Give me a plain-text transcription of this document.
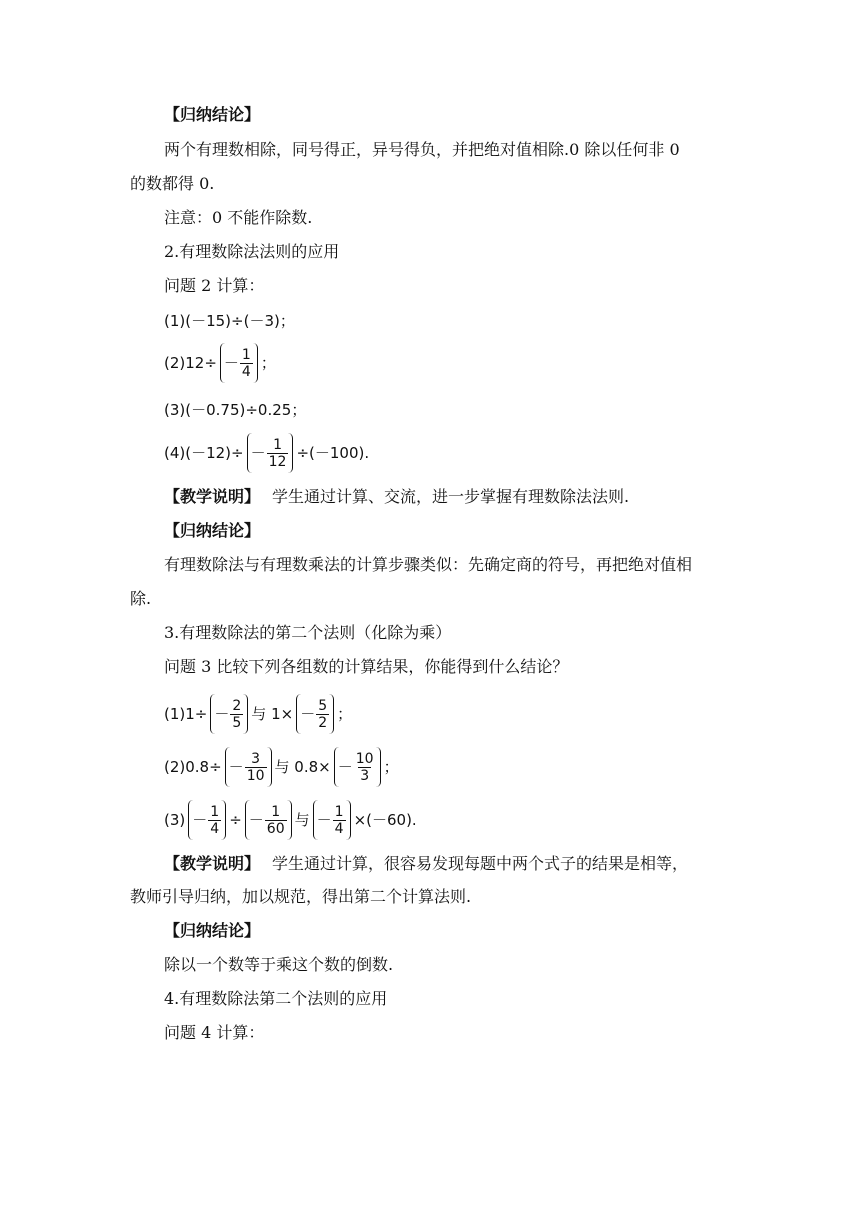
【归纳结论】
两个有理数相除，同号得正，异号得负，并把绝对值相除.0 除以任何非 0
的数都得 0.
注意：0 不能作除数.
2.有理数除法法则的应用
问题 2 计算：
(1)(－15)÷(－3)；
$(2)12\div - \frac{1}{4}$ ；
(3)(－0.75)÷0.25；
$(4)(-12)\div - \frac{1}{12} \div(-100)$.
【教学说明】 学生通过计算、交流，进一步掌握有理数除法法则.
【归纳结论】
有理数除法与有理数乘法的计算步骤类似：先确定商的符号，再把绝对值相
除.
3.有理数除法的第二个法则（化除为乘）
问题 3 比较下列各组数的计算结果，你能得到什么结论？
$(1)1\div - \frac{2}{5}$ 与 $1\times - \frac{5}{2}$ ；
$(2)0.8\div - \frac{3}{10}$ 与 $0.8\times - \frac{10}{3}$ ；
$(3) - \frac{1}{4}$ ÷ － $\frac{1}{60}$ 与 － $\frac{1}{4} \times(-60)$.
【教学说明】 学生通过计算，很容易发现每题中两个式子的结果是相等，
教师引导归纳，加以规范，得出第二个计算法则.
【归纳结论】
除以一个数等于乘这个数的倒数.
4.有理数除法第二个法则的应用
问题 4 计算：
